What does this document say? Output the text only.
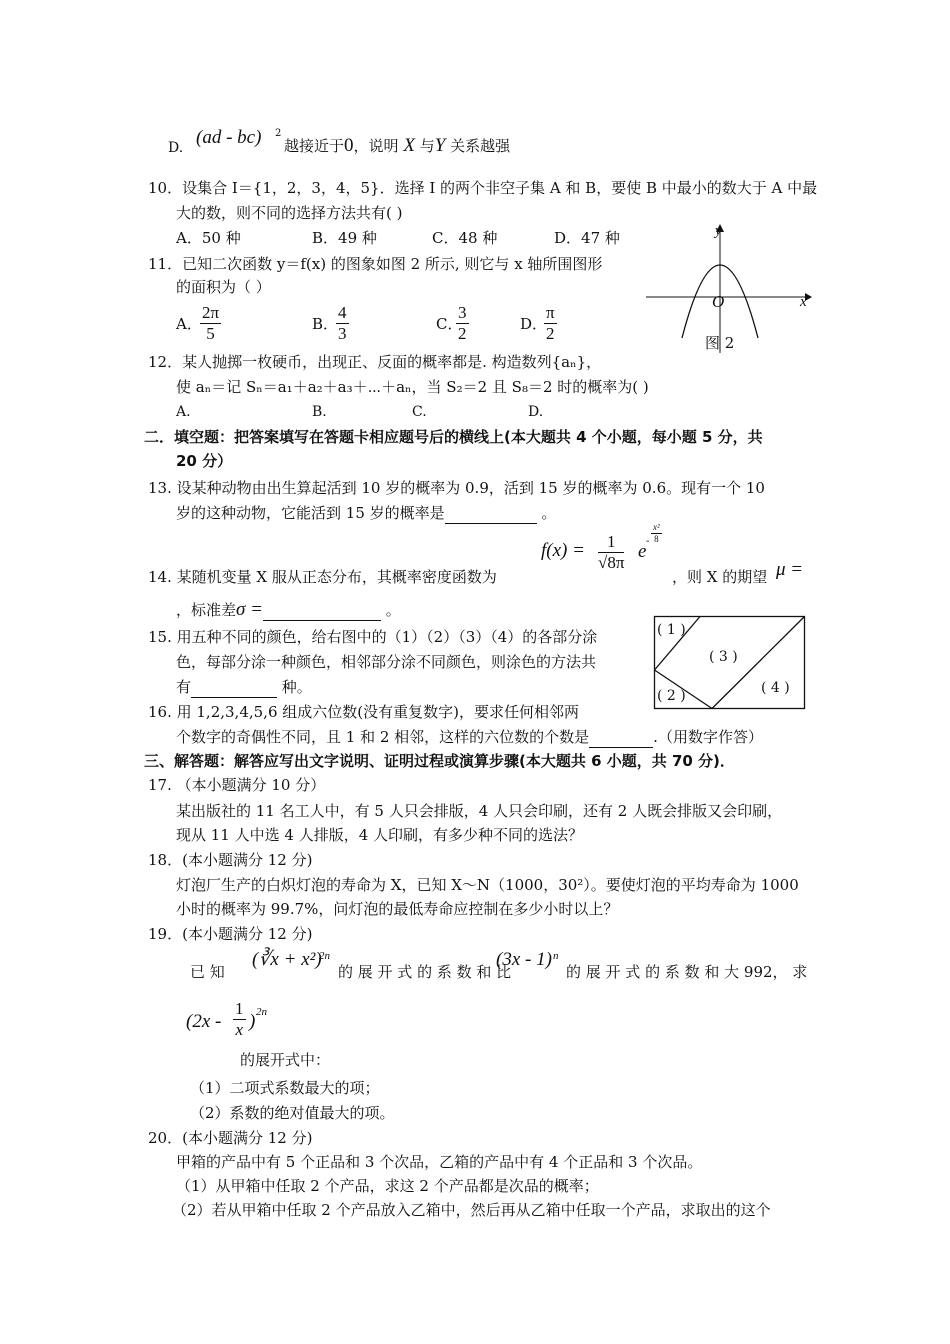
D. (ad - bc) 2
越接近于0，说明 X 与Y 关系越强
10．设集合 I＝{1，2，3，4，5}．选择 I 的两个非空子集 A 和 B，要使 B 中最小的数大于 A 中最
大的数，则不同的选择方法共有( )
A．50 种	B．49 种	C．48 种	D．47 种
11．已知二次函数 y＝f(x) 的图象如图 2 所示, 则它与 x 轴所围图形
的面积为（ ）
A．
$\frac{2\pi}{5}$	B．
$\frac{4}{3}$	C．
$\frac{3}{2}$	D．
$\frac{\pi}{2}$
y
x
O
图 2
12．某人抛掷一枚硬币，出现正、反面的概率都是. 构造数列{aₙ}，
使 aₙ＝记 Sₙ＝a₁＋a₂＋a₃＋⋯＋aₙ，当 S₂＝2 且 S₈＝2 时的概率为( )
A.	B.	C.	D.
二．填空题：把答案填写在答题卡相应题号后的横线上(本大题共 4 个小题，每小题 5 分，共
20 分）
13. 设某种动物由出生算起活到 10 岁的概率为 0.9，活到 15 岁的概率为 0.6。现有一个 10
岁的这种动物，它能活到 15 岁的概率是	。
14. 某随机变量 X 服从正态分布，其概率密度函数为
$f(x) = \frac{1}{√8\pi}$ e - $\frac{\text{x²}}{8}$
，则 X 的期望 μ =
，标准差σ =	。
15. 用五种不同的颜色，给右图中的（1）（2）（3）（4）的各部分涂
色，每部分涂一种颜色，相邻部分涂不同颜色，则涂色的方法共
有	种。
( 1 )
( 3 )
( 2 )	( 4 )
16. 用 1,2,3,4,5,6 组成六位数(没有重复数字)，要求任何相邻两
个数字的奇偶性不同，且 1 和 2 相邻，这样的六位数的个数是	.（用数字作答）
三、解答题：解答应写出文字说明、证明过程或演算步骤(本大题共 6 小题，共 70 分)．
17. （本小题满分 10 分）
某出版社的 11 名工人中，有 5 人只会排版，4 人只会印刷，还有 2 人既会排版又会印刷，
现从 11 人中选 4 人排版，4 人印刷，有多少种不同的选法？
18．(本小题满分 12 分)
灯泡厂生产的白炽灯泡的寿命为 X，已知 X～N（1000，30²）。要使灯泡的平均寿命为 1000
小时的概率为 99.7%，问灯泡的最低寿命应控制在多少小时以上？
19．(本小题满分 12 分)
已 知
(∛x + x²)
2n
的 展 开 式 的 系 数 和 比
(3x - 1) n
的 展 开 式 的 系 数 和 大 992， 求
($2x - \frac{1}{x}$ ) 2n
的展开式中：
（1）二项式系数最大的项；
（2）系数的绝对值最大的项。
20．(本小题满分 12 分)
甲箱的产品中有 5 个正品和 3 个次品，乙箱的产品中有 4 个正品和 3 个次品。
（1）从甲箱中任取 2 个产品，求这 2 个产品都是次品的概率；
（2）若从甲箱中任取 2 个产品放入乙箱中，然后再从乙箱中任取一个产品，求取出的这个
